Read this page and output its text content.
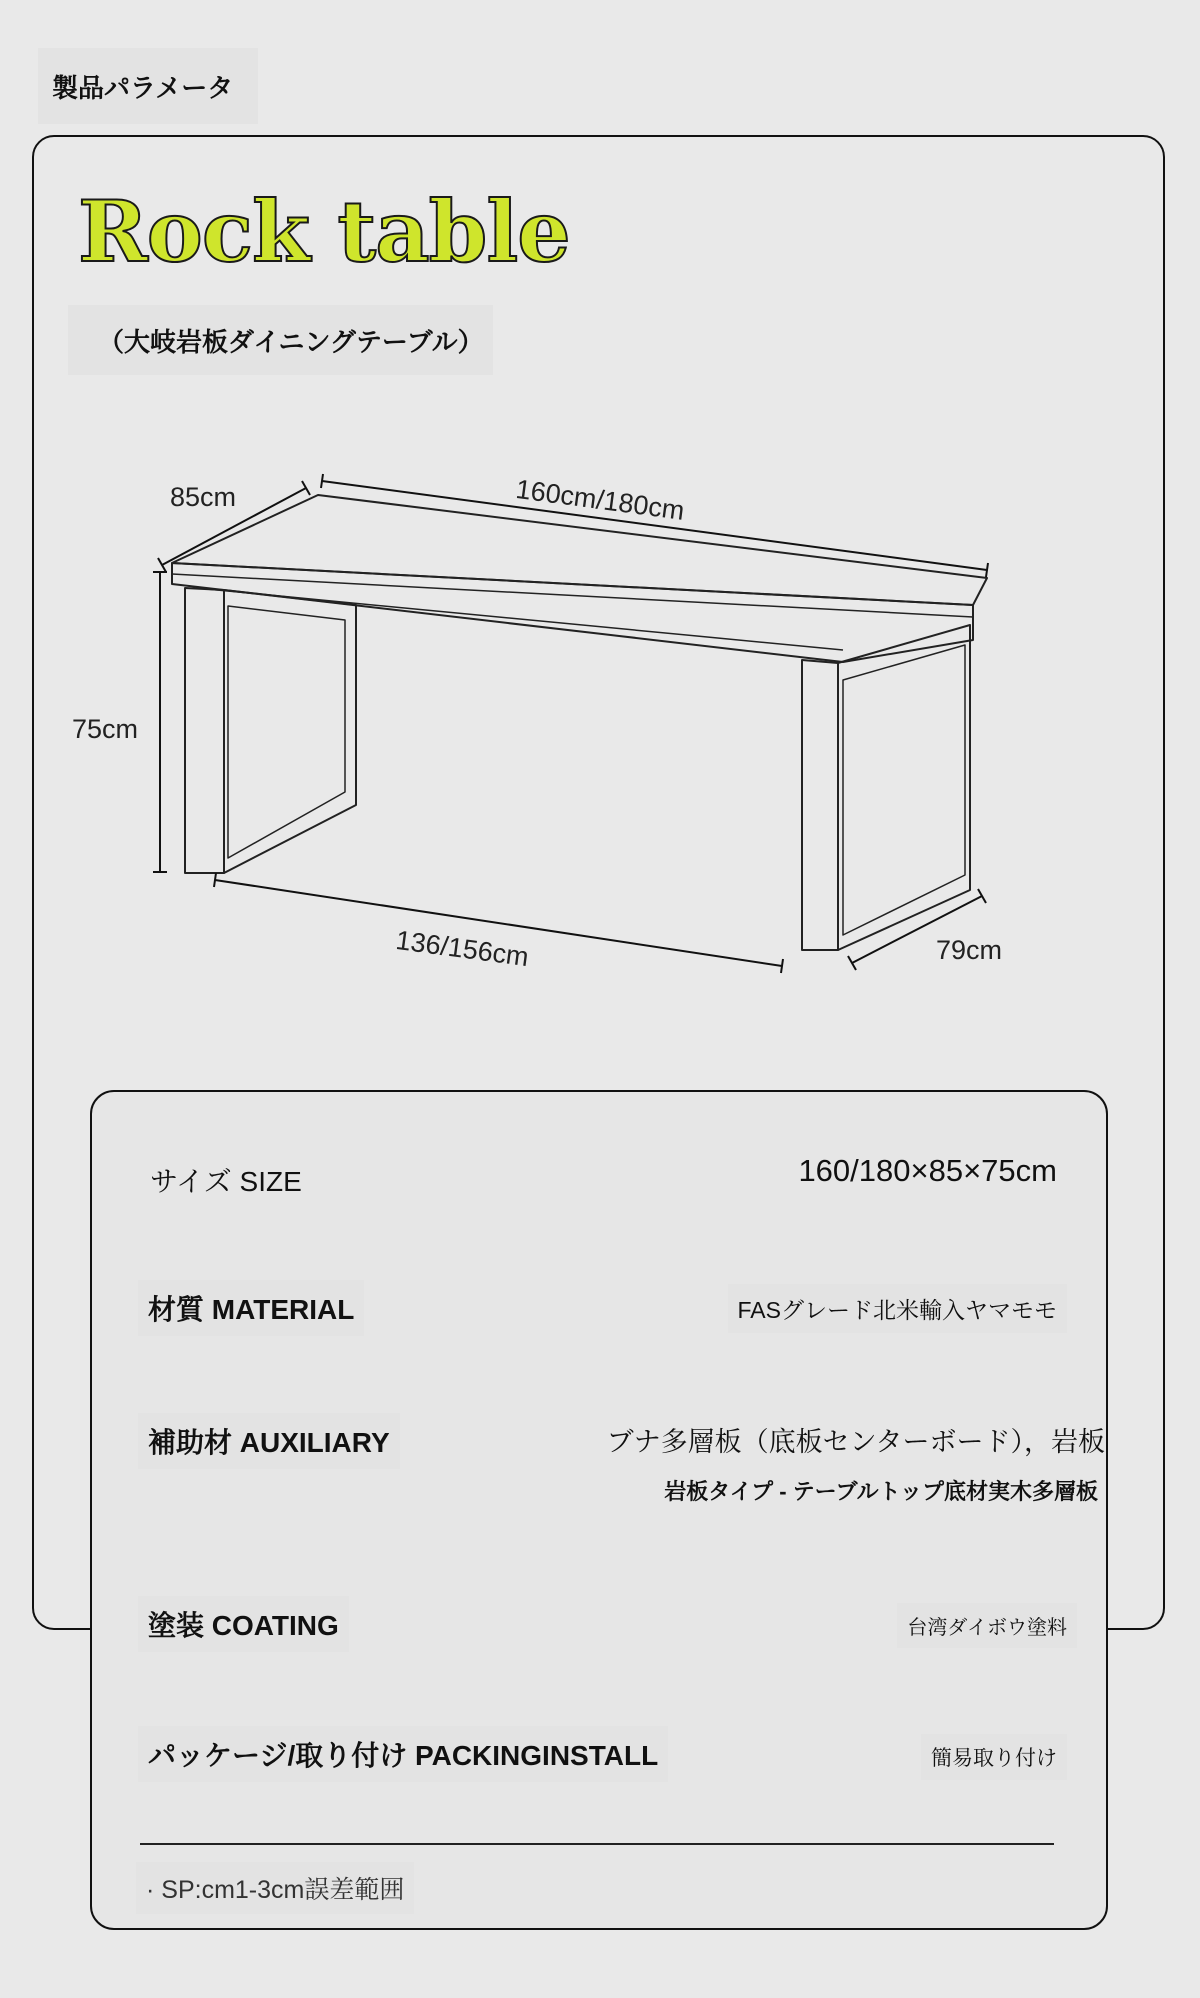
製品パラメータ
Rock table
（大岐岩板ダイニングテーブル）
85cm	160cm/180cm
75cm
136/156cm	79cm
サイズ SIZE	160/180×85×75cm
材質 MATERIAL	FASグレード北米輸入ヤマモモ
補助材 AUXILIARY	ブナ多層板（底板センターボード），岩板
岩板タイプ - テーブルトップ底材実木多層板
塗装 COATING	台湾ダイボウ塗料
パッケージ/取り付け PACKINGINSTALL	簡易取り付け
· SP:cm1-3cm誤差範囲
